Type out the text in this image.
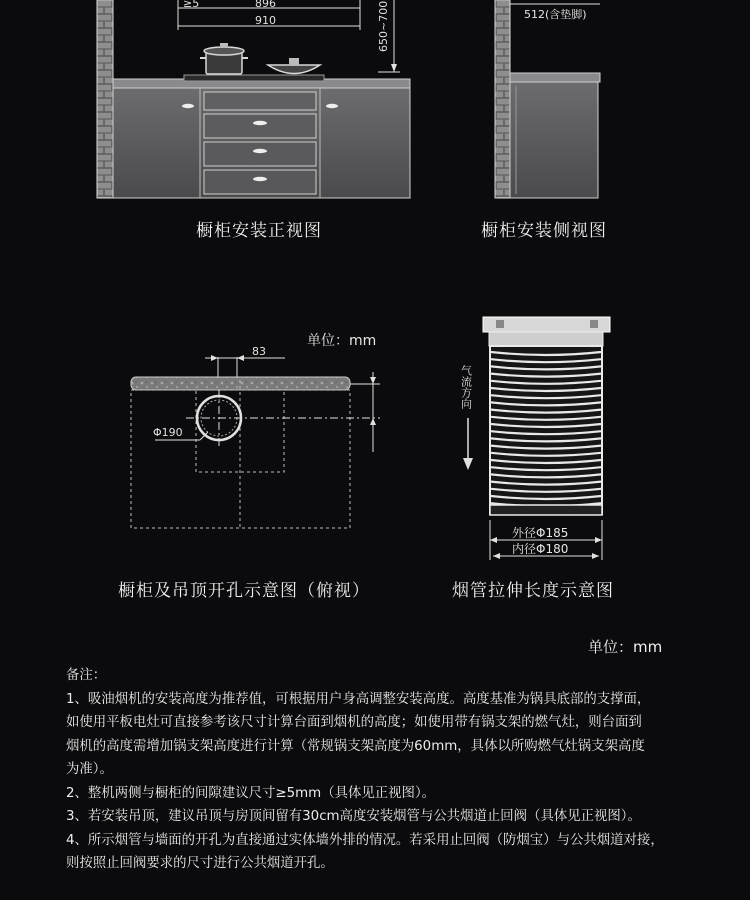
≥5	896
910	650~700	512(含垫脚)
橱柜安装正视图	橱柜安装侧视图
单位：mm
83
Φ190
气流方向
外径Φ185
内径Φ180
橱柜及吊顶开孔示意图（俯视）	烟管拉伸长度示意图
单位：mm

备注：

1、吸油烟机的安装高度为推荐值，可根据用户身高调整安装高度。高度基准为锅具底部的支撑面，

如使用平板电灶可直接参考该尺寸计算台面到烟机的高度；如使用带有锅支架的燃气灶，则台面到

烟机的高度需增加锅支架高度进行计算（常规锅支架高度为60mm，具体以所购燃气灶锅支架高度

为准）。

2、整机两侧与橱柜的间隙建议尺寸≥5mm（具体见正视图）。

3、若安装吊顶，建议吊顶与房顶间留有30cm高度安装烟管与公共烟道止回阀（具体见正视图）。

4、所示烟管与墙面的开孔为直接通过实体墙外排的情况。若采用止回阀（防烟宝）与公共烟道对接，

则按照止回阀要求的尺寸进行公共烟道开孔。
